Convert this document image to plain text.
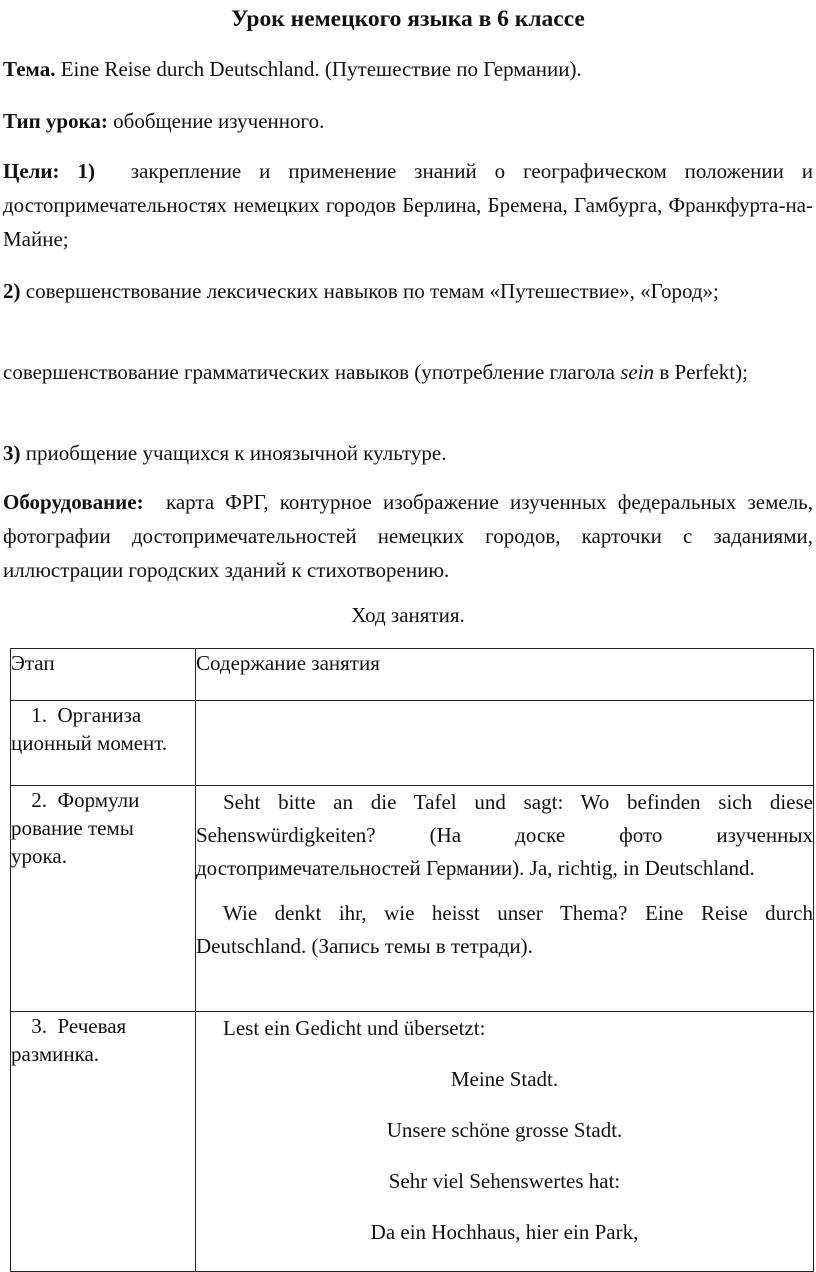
Урок немецкого языка в 6 классе

Тема. Eine Reise durch Deutschland. (Путешествие по Германии).

Тип урока: обобщение изученного.

Цели: 1) закрепление и применение знаний о географическом положении и достопримечательностях немецких городов Берлина, Бремена, Гамбурга, Франкфурта-на-Майне;

2) совершенствование лексических навыков по темам «Путешествие», «Город»;

совершенствование грамматических навыков (употребление глагола sein в Perfekt);

3) приобщение учащихся к иноязычной культуре.

Оборудование: карта ФРГ, контурное изображение изученных федеральных земель, фотографии достопримечательностей немецких городов, карточки с заданиями, иллюстрации городских зданий к стихотворению.

Ход занятия.

Этап	Содержание занятия
1. Организа ционный момент.	
2. Формули рование темы урока.	Seht bitte an die Tafel und sagt: Wo befinden sich diese Sehenswürdigkeiten? (На доске фото изученных достопримечательностей Германии). Ja, richtig, in Deutschland.

Wie denkt ihr, wie heisst unser Thema? Eine Reise durch Deutschland. (Запись темы в тетради).

3. Речевая разминка.	Lest ein Gedicht und übersetzt:

Meine Stadt.

Unsere schöne grosse Stadt.

Sehr viel Sehenswertes hat:

Da ein Hochhaus, hier ein Park,
